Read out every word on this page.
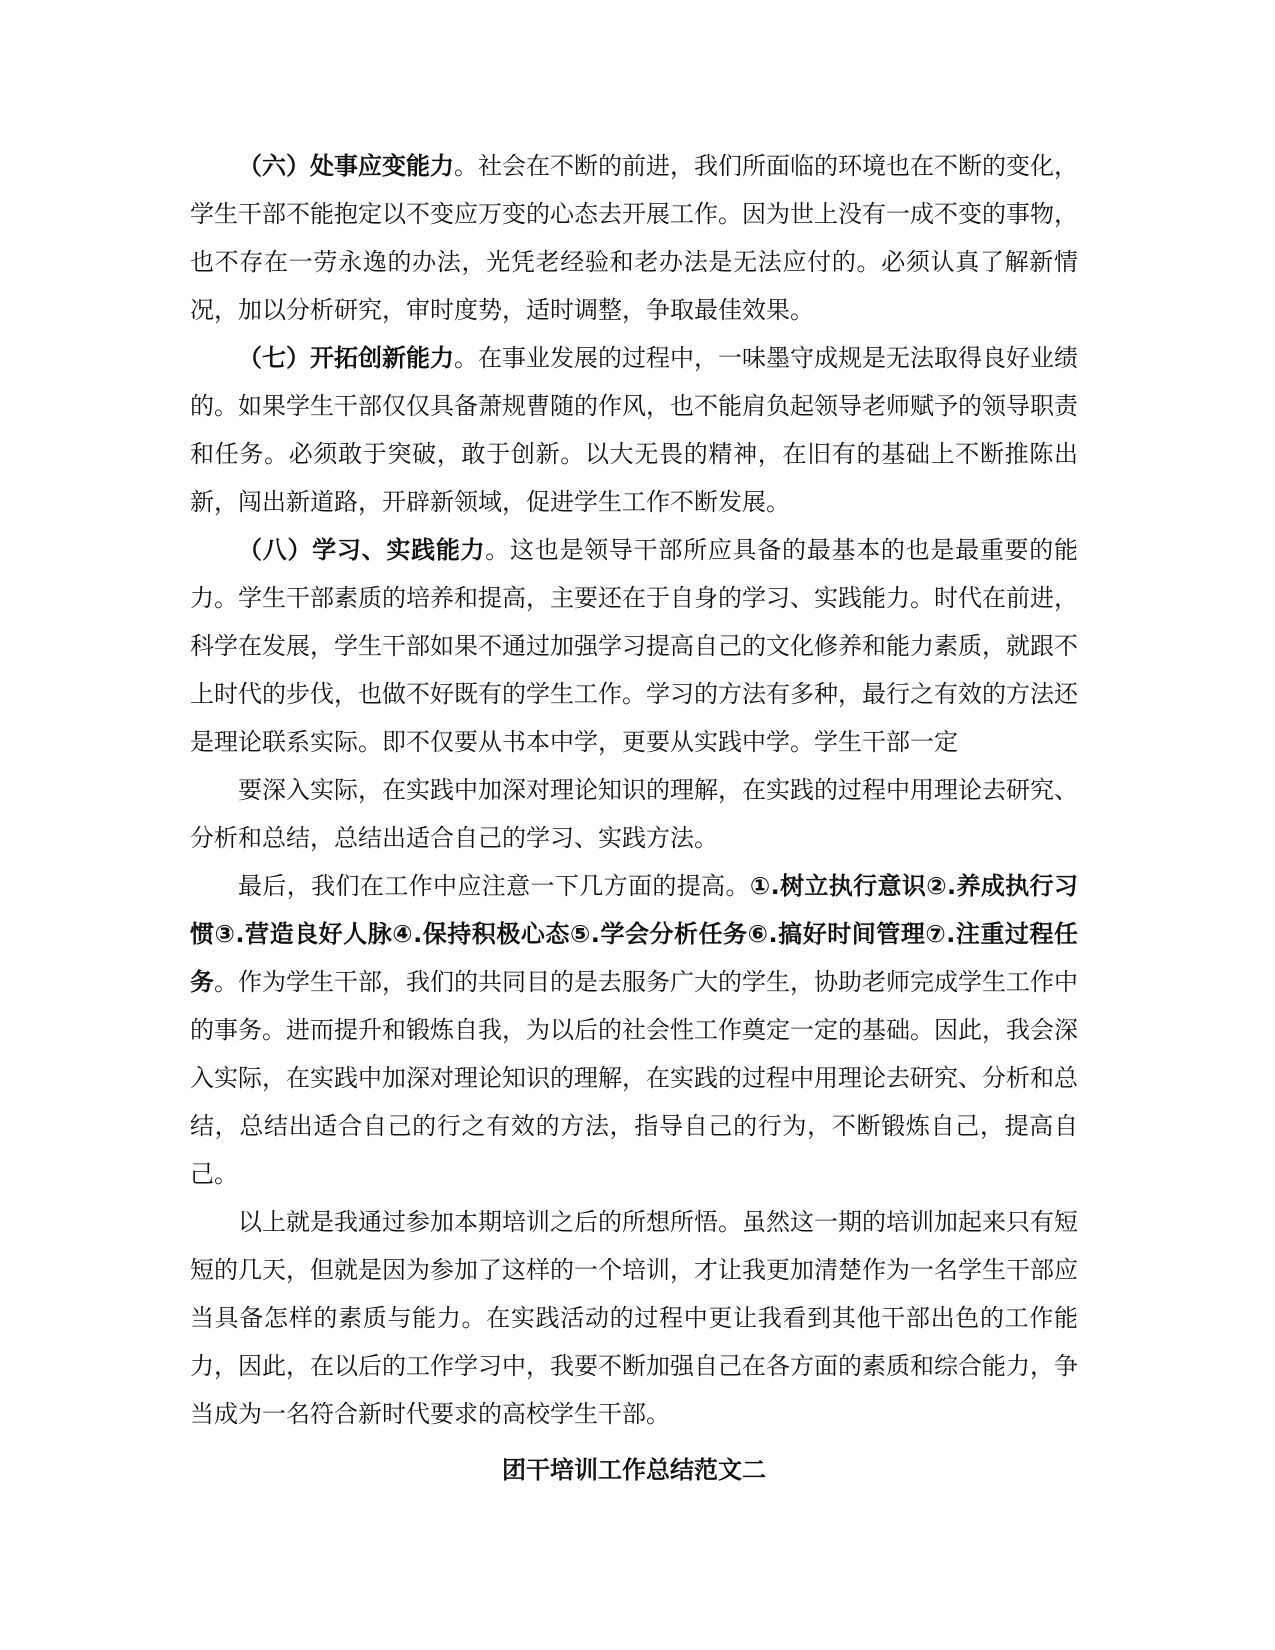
（六）处事应变能力。社会在不断的前进，我们所面临的环境也在不断的变化，学生干部不能抱定以不变应万变的心态去开展工作。因为世上没有一成不变的事物，也不存在一劳永逸的办法，光凭老经验和老办法是无法应付的。必须认真了解新情况，加以分析研究，审时度势，适时调整，争取最佳效果。

（七）开拓创新能力。在事业发展的过程中，一味墨守成规是无法取得良好业绩的。如果学生干部仅仅具备萧规曹随的作风，也不能肩负起领导老师赋予的领导职责和任务。必须敢于突破，敢于创新。以大无畏的精神，在旧有的基础上不断推陈出新，闯出新道路，开辟新领域，促进学生工作不断发展。

（八）学习、实践能力。这也是领导干部所应具备的最基本的也是最重要的能力。学生干部素质的培养和提高，主要还在于自身的学习、实践能力。时代在前进，科学在发展，学生干部如果不通过加强学习提高自己的文化修养和能力素质，就跟不上时代的步伐，也做不好既有的学生工作。学习的方法有多种，最行之有效的方法还是理论联系实际。即不仅要从书本中学，更要从实践中学。学生干部一定

要深入实际，在实践中加深对理论知识的理解，在实践的过程中用理论去研究、分析和总结，总结出适合自己的学习、实践方法。

最后，我们在工作中应注意一下几方面的提高。①.树立执行意识②.养成执行习惯③.营造良好人脉④.保持积极心态⑤.学会分析任务⑥.搞好时间管理⑦.注重过程任务。作为学生干部，我们的共同目的是去服务广大的学生，协助老师完成学生工作中的事务。进而提升和锻炼自我，为以后的社会性工作奠定一定的基础。因此，我会深入实际，在实践中加深对理论知识的理解，在实践的过程中用理论去研究、分析和总结，总结出适合自己的行之有效的方法，指导自己的行为，不断锻炼自己，提高自己。

以上就是我通过参加本期培训之后的所想所悟。虽然这一期的培训加起来只有短短的几天，但就是因为参加了这样的一个培训，才让我更加清楚作为一名学生干部应当具备怎样的素质与能力。在实践活动的过程中更让我看到其他干部出色的工作能力，因此，在以后的工作学习中，我要不断加强自己在各方面的素质和综合能力，争当成为一名符合新时代要求的高校学生干部。

团干培训工作总结范文二
